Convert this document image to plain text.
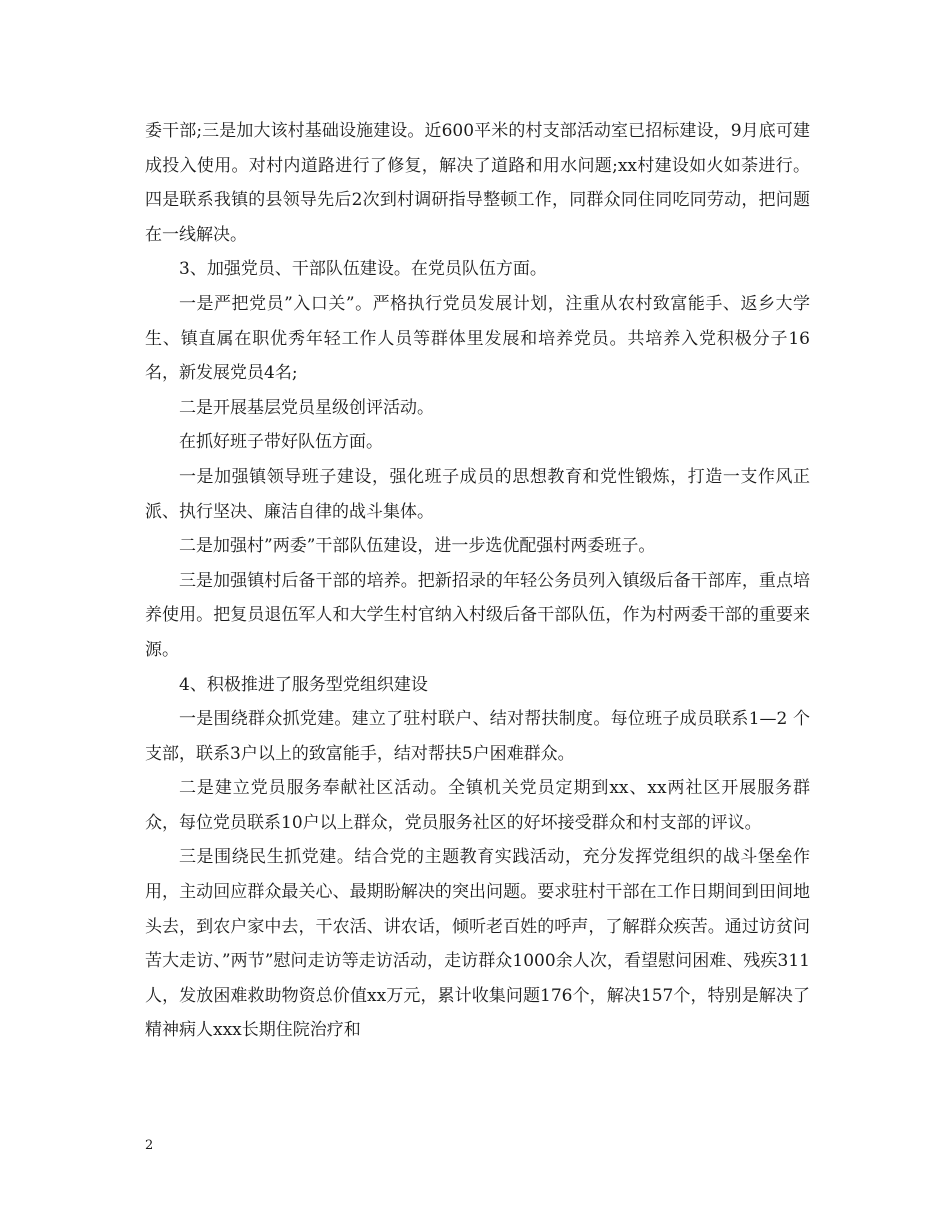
委干部;三是加大该村基础设施建设。近600平米的村支部活动室已招标建设，9月底可建成投入使用。对村内道路进行了修复，解决了道路和用水问题;xx村建设如火如荼进行。四是联系我镇的县领导先后2次到村调研指导整顿工作，同群众同住同吃同劳动，把问题在一线解决。

3、加强党员、干部队伍建设。在党员队伍方面。

一是严把党员”入口关”。严格执行党员发展计划，注重从农村致富能手、返乡大学生、镇直属在职优秀年轻工作人员等群体里发展和培养党员。共培养入党积极分子16名，新发展党员4名;

二是开展基层党员星级创评活动。

在抓好班子带好队伍方面。

一是加强镇领导班子建设，强化班子成员的思想教育和党性锻炼，打造一支作风正派、执行坚决、廉洁自律的战斗集体。

二是加强村”两委”干部队伍建设，进一步选优配强村两委班子。

三是加强镇村后备干部的培养。把新招录的年轻公务员列入镇级后备干部库，重点培养使用。把复员退伍军人和大学生村官纳入村级后备干部队伍，作为村两委干部的重要来源。

4、积极推进了服务型党组织建设

一是围绕群众抓党建。建立了驻村联户、结对帮扶制度。每位班子成员联系1—2 个支部，联系3户以上的致富能手，结对帮扶5户困难群众。

二是建立党员服务奉献社区活动。全镇机关党员定期到xx、xx两社区开展服务群众，每位党员联系10户以上群众，党员服务社区的好坏接受群众和村支部的评议。

三是围绕民生抓党建。结合党的主题教育实践活动，充分发挥党组织的战斗堡垒作用，主动回应群众最关心、最期盼解决的突出问题。要求驻村干部在工作日期间到田间地头去，到农户家中去，干农活、讲农话，倾听老百姓的呼声，了解群众疾苦。通过访贫问苦大走访、”两节”慰问走访等走访活动，走访群众1000余人次，看望慰问困难、残疾311人，发放困难救助物资总价值xx万元，累计收集问题176个，解决157个，特别是解决了精神病人xxx长期住院治疗和

2
